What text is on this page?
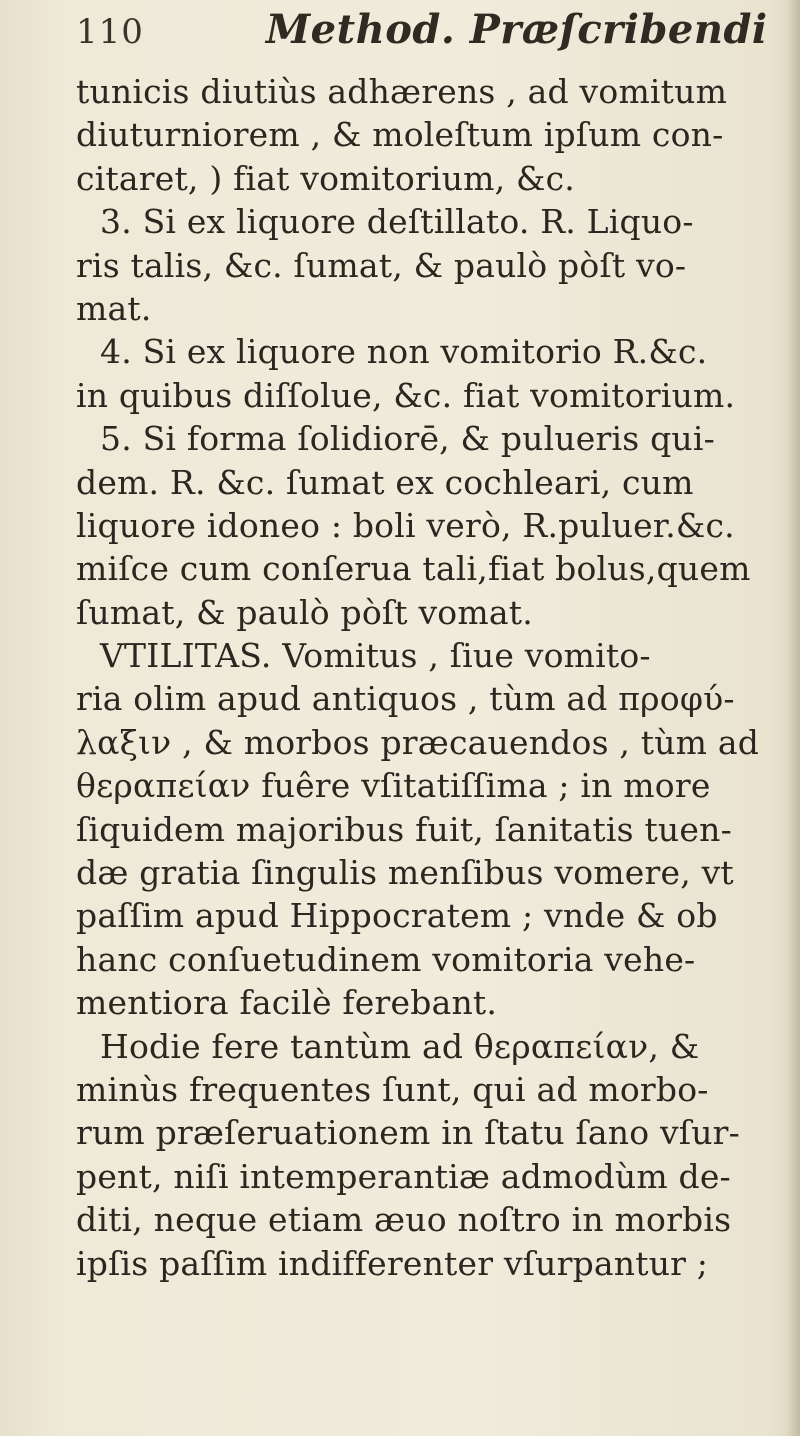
110	Method. Præſcribendi
tunicis diutiùs adhærens , ad vomitum
diuturniorem , & moleſtum ipſum con-
citaret, ) fiat vomitorium, &c.
3. Si ex liquore deſtillato. R. Liquo-
ris talis, &c. ſumat, & paulò pòſt vo-
mat.
4. Si ex liquore non vomitorio R.&c.
in quibus diſſolue, &c. fiat vomitorium.
5. Si forma ſolidiorē, & pulueris qui-
dem. R. &c. ſumat ex cochleari, cum
liquore idoneo : boli verò, R.puluer.&c.
miſce cum conſerua tali,fiat bolus,quem
ſumat, & paulò pòſt vomat.
VTILITAS. Vomitus , ſiue vomito-
ria olim apud antiquos , tùm ad προφύ-
λαξιν , & morbos præcauendos , tùm ad
θεραπείαν fuêre vſitatiſſima ; in more
ſiquidem majoribus fuit, ſanitatis tuen-
dæ gratia ſingulis menſibus vomere, vt
paſſim apud Hippocratem ; vnde & ob
hanc conſuetudinem vomitoria vehe-
mentiora facilè ferebant.
Hodie fere tantùm ad θεραπείαν, &
minùs frequentes ſunt, qui ad morbo-
rum præſeruationem in ſtatu ſano vſur-
pent, niſi intemperantiæ admodùm de-
diti, neque etiam æuo noſtro in morbis
ipſis paſſim indifferenter vſurpantur ;
